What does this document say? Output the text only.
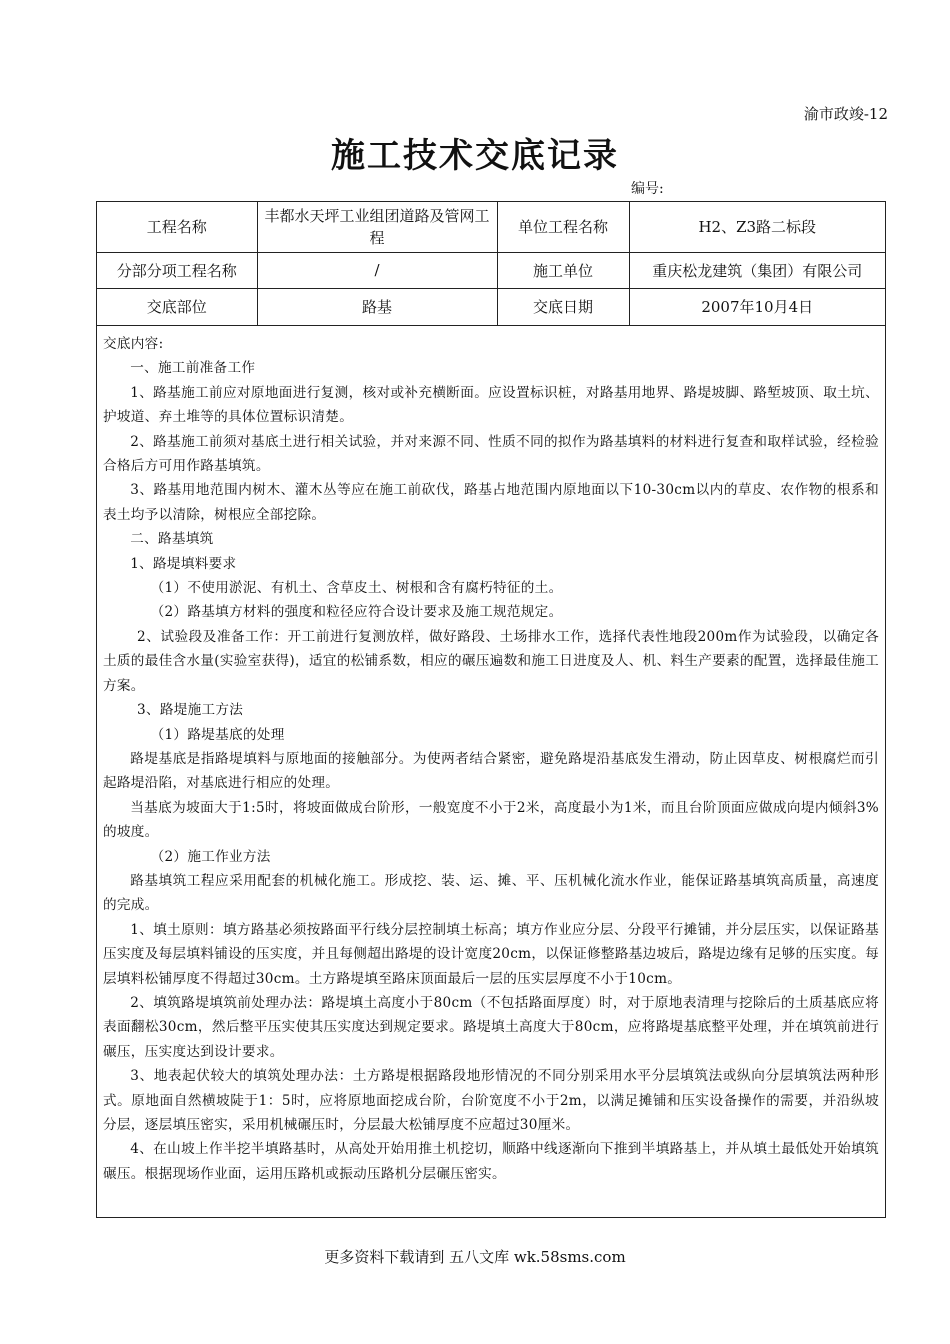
渝市政竣-12
施工技术交底记录
编号:
工程名称	丰都水天坪工业组团道路及管网工程	单位工程名称	H2、Z3路二标段
分部分项工程名称	/	施工单位	重庆松龙建筑（集团）有限公司
交底部位	路基	交底日期	2007年10月4日

交底内容:

一、施工前准备工作

1、路基施工前应对原地面进行复测，核对或补充横断面。应设置标识桩，对路基用地界、路堤坡脚、路堑坡顶、取土坑、护坡道、弃土堆等的具体位置标识清楚。

2、路基施工前须对基底土进行相关试验，并对来源不同、性质不同的拟作为路基填料的材料进行复查和取样试验，经检验合格后方可用作路基填筑。

3、路基用地范围内树木、灌木丛等应在施工前砍伐，路基占地范围内原地面以下10-30cm以内的草皮、农作物的根系和表土均予以清除，树根应全部挖除。

二、路基填筑

1、路堤填料要求

（1）不使用淤泥、有机土、含草皮土、树根和含有腐朽特征的土。

（2）路基填方材料的强度和粒径应符合设计要求及施工规范规定。

2、试验段及准备工作：开工前进行复测放样，做好路段、土场排水工作，选择代表性地段200m作为试验段，以确定各土质的最佳含水量(实验室获得)，适宜的松铺系数，相应的碾压遍数和施工日进度及人、机、料生产要素的配置，选择最佳施工方案。

3、路堤施工方法

（1）路堤基底的处理

路堤基底是指路堤填料与原地面的接触部分。为使两者结合紧密，避免路堤沿基底发生滑动，防止因草皮、树根腐烂而引起路堤沿陷，对基底进行相应的处理。

当基底为坡面大于1:5时，将坡面做成台阶形，一般宽度不小于2米，高度最小为1米，而且台阶顶面应做成向堤内倾斜3%的坡度。

（2）施工作业方法

路基填筑工程应采用配套的机械化施工。形成挖、装、运、摊、平、压机械化流水作业，能保证路基填筑高质量，高速度的完成。

1、填土原则：填方路基必须按路面平行线分层控制填土标高；填方作业应分层、分段平行摊铺，并分层压实，以保证路基压实度及每层填料铺设的压实度，并且每侧超出路堤的设计宽度20cm，以保证修整路基边坡后，路堤边缘有足够的压实度。每层填料松铺厚度不得超过30cm。土方路堤填至路床顶面最后一层的压实层厚度不小于10cm。

2、填筑路堤填筑前处理办法：路堤填土高度小于80cm（不包括路面厚度）时，对于原地表清理与挖除后的土质基底应将表面翻松30cm，然后整平压实使其压实度达到规定要求。路堤填土高度大于80cm，应将路堤基底整平处理，并在填筑前进行碾压，压实度达到设计要求。

3、地表起伏较大的填筑处理办法：土方路堤根据路段地形情况的不同分别采用水平分层填筑法或纵向分层填筑法两种形式。原地面自然横坡陡于1：5时，应将原地面挖成台阶，台阶宽度不小于2m，以满足摊铺和压实设备操作的需要，并沿纵坡分层，逐层填压密实，采用机械碾压时，分层最大松铺厚度不应超过30厘米。

4、在山坡上作半挖半填路基时，从高处开始用推土机挖切，顺路中线逐渐向下推到半填路基上，并从填土最低处开始填筑碾压。根据现场作业面，运用压路机或振动压路机分层碾压密实。

更多资料下载请到 五八文库 wk.58sms.com
